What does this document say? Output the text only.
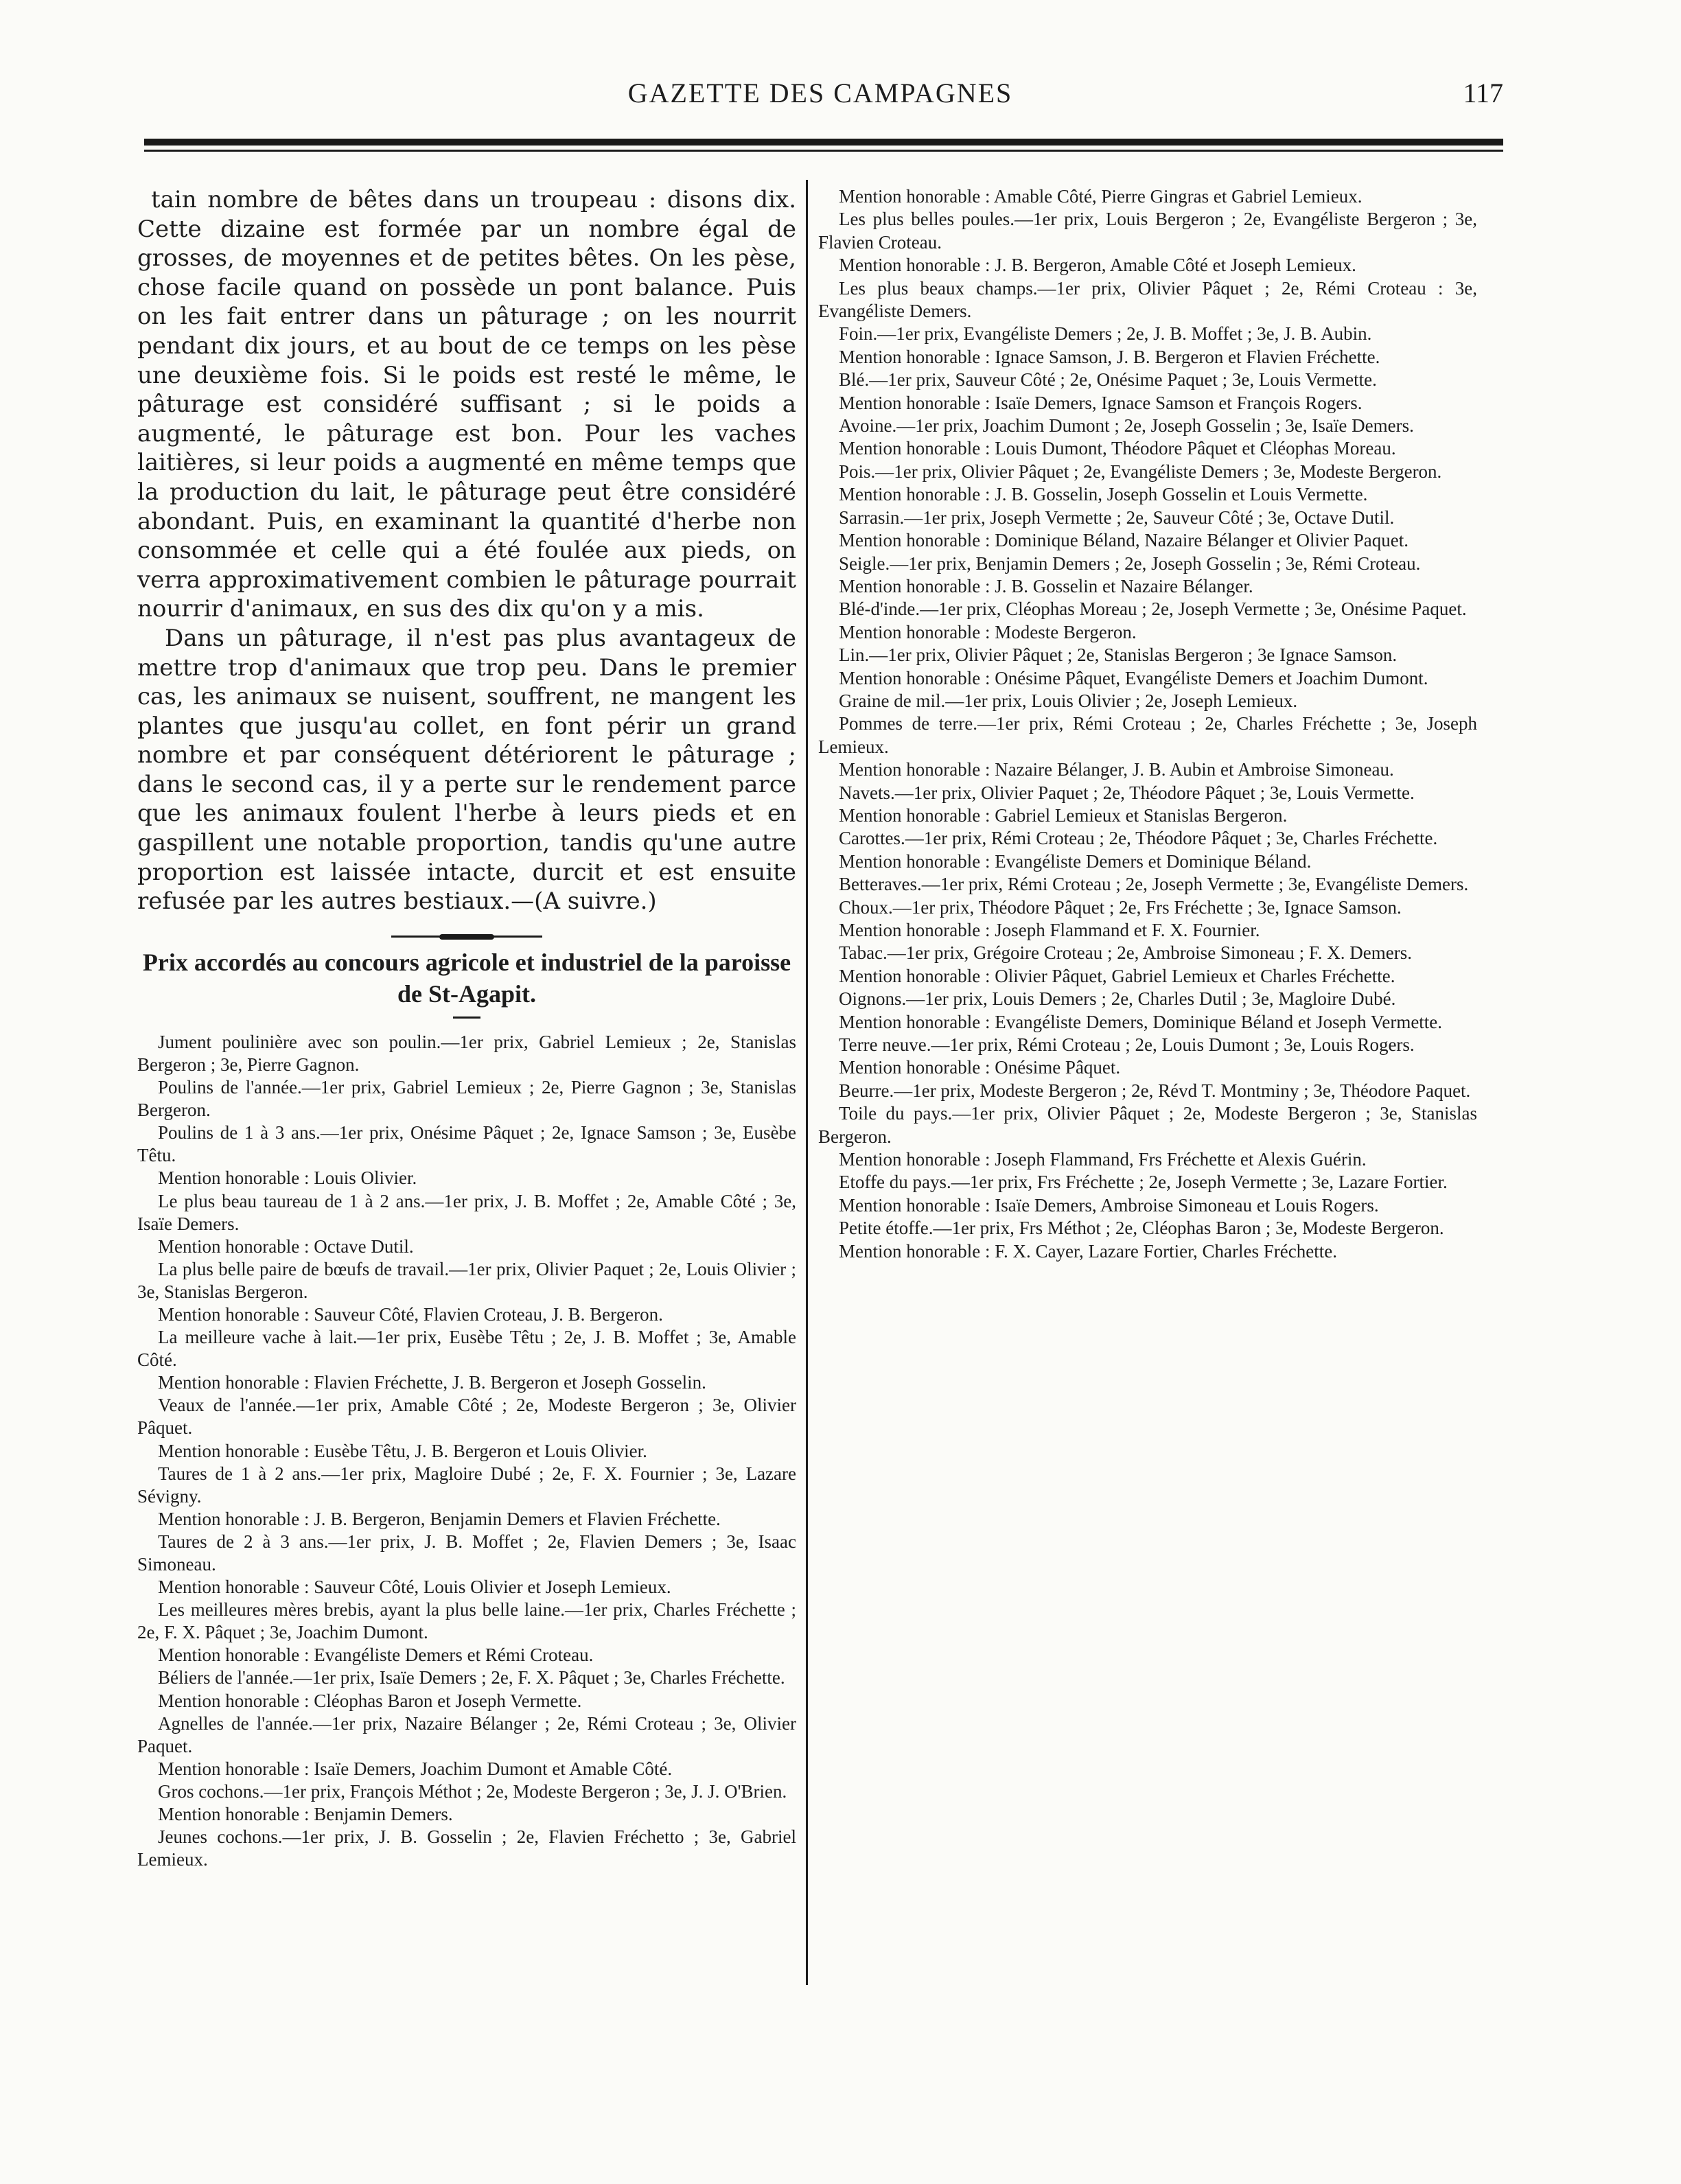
GAZETTE DES CAMPAGNES	117

tain nombre de bêtes dans un troupeau : disons dix. Cette dizaine est formée par un nombre égal de grosses, de moyennes et de petites bêtes. On les pèse, chose facile quand on possède un pont balance. Puis on les fait entrer dans un pâturage ; on les nourrit pendant dix jours, et au bout de ce temps on les pèse une deuxième fois. Si le poids est resté le même, le pâturage est considéré suffisant ; si le poids a augmenté, le pâturage est bon. Pour les vaches laitières, si leur poids a augmenté en même temps que la production du lait, le pâturage peut être considéré abondant. Puis, en examinant la quantité d'herbe non consommée et celle qui a été foulée aux pieds, on verra approximativement combien le pâturage pourrait nourrir d'animaux, en sus des dix qu'on y a mis.

Dans un pâturage, il n'est pas plus avantageux de mettre trop d'animaux que trop peu. Dans le premier cas, les animaux se nuisent, souffrent, ne mangent les plantes que jusqu'au collet, en font périr un grand nombre et par conséquent détériorent le pâturage ; dans le second cas, il y a perte sur le rendement parce que les animaux foulent l'herbe à leurs pieds et en gaspillent une notable proportion, tandis qu'une autre proportion est laissée intacte, durcit et est ensuite refusée par les autres bestiaux.—(A suivre.)

Prix accordés au concours agricole et industriel de la paroisse de St-Agapit.

Jument poulinière avec son poulin.—1er prix, Gabriel Lemieux ; 2e, Stanislas Bergeron ; 3e, Pierre Gagnon.

Poulins de l'année.—1er prix, Gabriel Lemieux ; 2e, Pierre Gagnon ; 3e, Stanislas Bergeron.

Poulins de 1 à 3 ans.—1er prix, Onésime Pâquet ; 2e, Ignace Samson ; 3e, Eusèbe Têtu.

Mention honorable : Louis Olivier.

Le plus beau taureau de 1 à 2 ans.—1er prix, J. B. Moffet ; 2e, Amable Côté ; 3e, Isaïe Demers.

Mention honorable : Octave Dutil.

La plus belle paire de bœufs de travail.—1er prix, Olivier Paquet ; 2e, Louis Olivier ; 3e, Stanislas Bergeron.

Mention honorable : Sauveur Côté, Flavien Croteau, J. B. Bergeron.

La meilleure vache à lait.—1er prix, Eusèbe Têtu ; 2e, J. B. Moffet ; 3e, Amable Côté.

Mention honorable : Flavien Fréchette, J. B. Bergeron et Joseph Gosselin.

Veaux de l'année.—1er prix, Amable Côté ; 2e, Modeste Bergeron ; 3e, Olivier Pâquet.

Mention honorable : Eusèbe Têtu, J. B. Bergeron et Louis Olivier.

Taures de 1 à 2 ans.—1er prix, Magloire Dubé ; 2e, F. X. Fournier ; 3e, Lazare Sévigny.

Mention honorable : J. B. Bergeron, Benjamin Demers et Flavien Fréchette.

Taures de 2 à 3 ans.—1er prix, J. B. Moffet ; 2e, Flavien Demers ; 3e, Isaac Simoneau.

Mention honorable : Sauveur Côté, Louis Olivier et Joseph Lemieux.

Les meilleures mères brebis, ayant la plus belle laine.—1er prix, Charles Fréchette ; 2e, F. X. Pâquet ; 3e, Joachim Dumont.

Mention honorable : Evangéliste Demers et Rémi Croteau.

Béliers de l'année.—1er prix, Isaïe Demers ; 2e, F. X. Pâquet ; 3e, Charles Fréchette.

Mention honorable : Cléophas Baron et Joseph Vermette.

Agnelles de l'année.—1er prix, Nazaire Bélanger ; 2e, Rémi Croteau ; 3e, Olivier Paquet.

Mention honorable : Isaïe Demers, Joachim Dumont et Amable Côté.

Gros cochons.—1er prix, François Méthot ; 2e, Modeste Bergeron ; 3e, J. J. O'Brien.

Mention honorable : Benjamin Demers.

Jeunes cochons.—1er prix, J. B. Gosselin ; 2e, Flavien Fréchetto ; 3e, Gabriel Lemieux.

Mention honorable : Amable Côté, Pierre Gingras et Gabriel Lemieux.

Les plus belles poules.—1er prix, Louis Bergeron ; 2e, Evangéliste Bergeron ; 3e, Flavien Croteau.

Mention honorable : J. B. Bergeron, Amable Côté et Joseph Lemieux.

Les plus beaux champs.—1er prix, Olivier Pâquet ; 2e, Rémi Croteau : 3e, Evangéliste Demers.

Foin.—1er prix, Evangéliste Demers ; 2e, J. B. Moffet ; 3e, J. B. Aubin.

Mention honorable : Ignace Samson, J. B. Bergeron et Flavien Fréchette.

Blé.—1er prix, Sauveur Côté ; 2e, Onésime Paquet ; 3e, Louis Vermette.

Mention honorable : Isaïe Demers, Ignace Samson et François Rogers.

Avoine.—1er prix, Joachim Dumont ; 2e, Joseph Gosselin ; 3e, Isaïe Demers.

Mention honorable : Louis Dumont, Théodore Pâquet et Cléophas Moreau.

Pois.—1er prix, Olivier Pâquet ; 2e, Evangéliste Demers ; 3e, Modeste Bergeron.

Mention honorable : J. B. Gosselin, Joseph Gosselin et Louis Vermette.

Sarrasin.—1er prix, Joseph Vermette ; 2e, Sauveur Côté ; 3e, Octave Dutil.

Mention honorable : Dominique Béland, Nazaire Bélanger et Olivier Paquet.

Seigle.—1er prix, Benjamin Demers ; 2e, Joseph Gosselin ; 3e, Rémi Croteau.

Mention honorable : J. B. Gosselin et Nazaire Bélanger.

Blé-d'inde.—1er prix, Cléophas Moreau ; 2e, Joseph Vermette ; 3e, Onésime Paquet.

Mention honorable : Modeste Bergeron.

Lin.—1er prix, Olivier Pâquet ; 2e, Stanislas Bergeron ; 3e Ignace Samson.

Mention honorable : Onésime Pâquet, Evangéliste Demers et Joachim Dumont.

Graine de mil.—1er prix, Louis Olivier ; 2e, Joseph Lemieux.

Pommes de terre.—1er prix, Rémi Croteau ; 2e, Charles Fréchette ; 3e, Joseph Lemieux.

Mention honorable : Nazaire Bélanger, J. B. Aubin et Ambroise Simoneau.

Navets.—1er prix, Olivier Paquet ; 2e, Théodore Pâquet ; 3e, Louis Vermette.

Mention honorable : Gabriel Lemieux et Stanislas Bergeron.

Carottes.—1er prix, Rémi Croteau ; 2e, Théodore Pâquet ; 3e, Charles Fréchette.

Mention honorable : Evangéliste Demers et Dominique Béland.

Betteraves.—1er prix, Rémi Croteau ; 2e, Joseph Vermette ; 3e, Evangéliste Demers.

Choux.—1er prix, Théodore Pâquet ; 2e, Frs Fréchette ; 3e, Ignace Samson.

Mention honorable : Joseph Flammand et F. X. Fournier.

Tabac.—1er prix, Grégoire Croteau ; 2e, Ambroise Simoneau ; F. X. Demers.

Mention honorable : Olivier Pâquet, Gabriel Lemieux et Charles Fréchette.

Oignons.—1er prix, Louis Demers ; 2e, Charles Dutil ; 3e, Magloire Dubé.

Mention honorable : Evangéliste Demers, Dominique Béland et Joseph Vermette.

Terre neuve.—1er prix, Rémi Croteau ; 2e, Louis Dumont ; 3e, Louis Rogers.

Mention honorable : Onésime Pâquet.

Beurre.—1er prix, Modeste Bergeron ; 2e, Révd T. Montminy ; 3e, Théodore Paquet.

Toile du pays.—1er prix, Olivier Pâquet ; 2e, Modeste Bergeron ; 3e, Stanislas Bergeron.

Mention honorable : Joseph Flammand, Frs Fréchette et Alexis Guérin.

Etoffe du pays.—1er prix, Frs Fréchette ; 2e, Joseph Vermette ; 3e, Lazare Fortier.

Mention honorable : Isaïe Demers, Ambroise Simoneau et Louis Rogers.

Petite étoffe.—1er prix, Frs Méthot ; 2e, Cléophas Baron ; 3e, Modeste Bergeron.

Mention honorable : F. X. Cayer, Lazare Fortier, Charles Fréchette.
